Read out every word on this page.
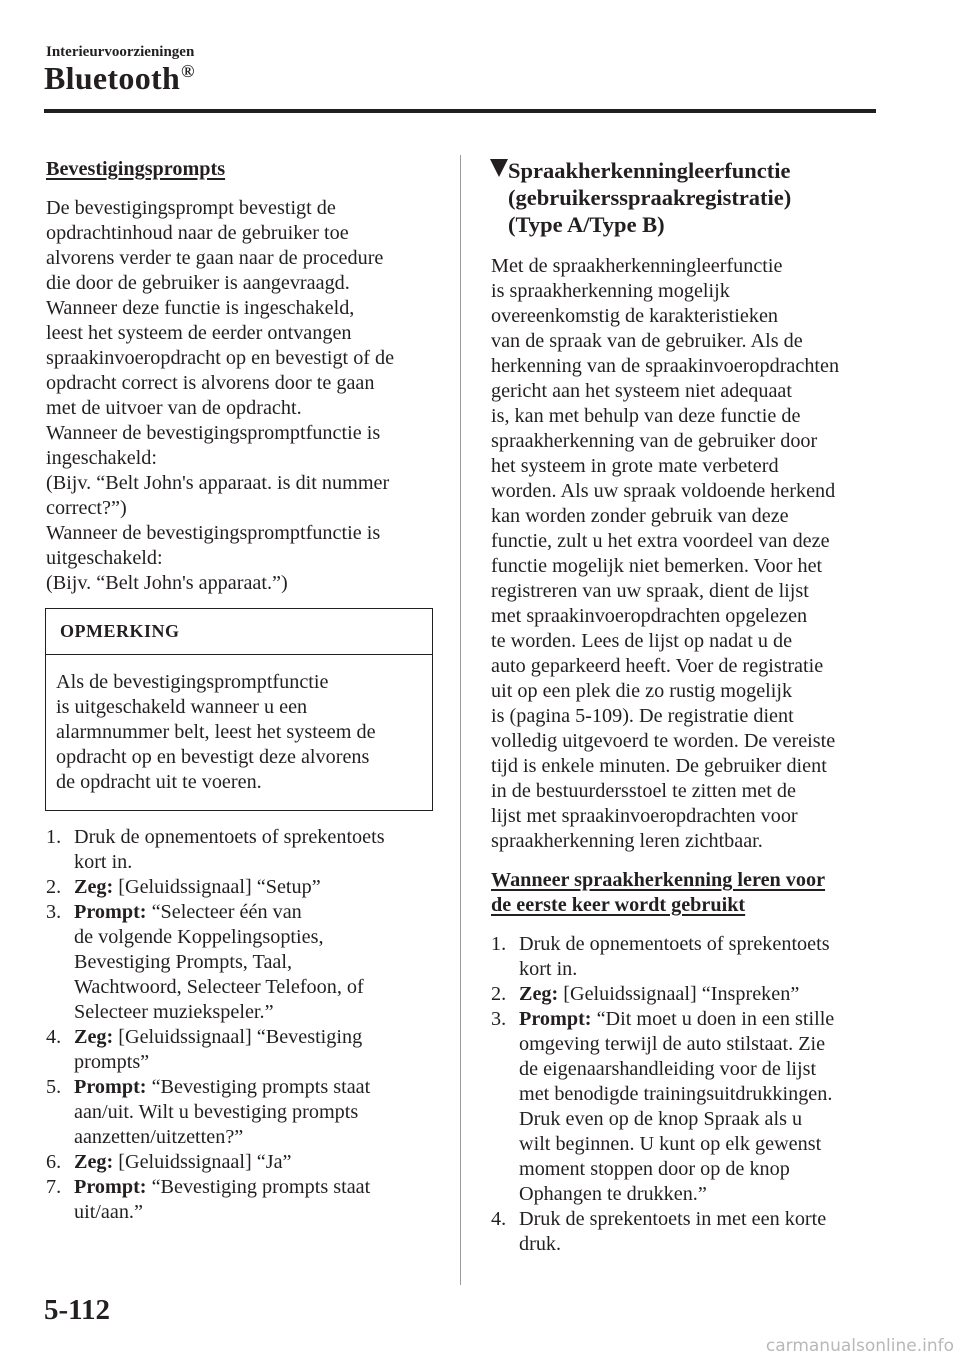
Interieurvoorzieningen
Bluetooth®

Bevestigingsprompts

De bevestigingsprompt bevestigt de
opdrachtinhoud naar de gebruiker toe
alvorens verder te gaan naar de procedure
die door de gebruiker is aangevraagd.
Wanneer deze functie is ingeschakeld,
leest het systeem de eerder ontvangen
spraakinvoeropdracht op en bevestigt of de
opdracht correct is alvorens door te gaan
met de uitvoer van de opdracht.
Wanneer de bevestigingspromptfunctie is
ingeschakeld:
(Bijv. “Belt John's apparaat. is dit nummer
correct?”)
Wanneer de bevestigingspromptfunctie is
uitgeschakeld:
(Bijv. “Belt John's apparaat.”)
OPMERKING
Als de bevestigingspromptfunctie
is uitgeschakeld wanneer u een
alarmnummer belt, leest het systeem de
opdracht op en bevestigt deze alvorens
de opdracht uit te voeren.
1. Druk de opnementoets of sprekentoets
kort in.
2. Zeg: [Geluidssignaal] “Setup”
3. Prompt: “Selecteer één van
de volgende Koppelingsopties,
Bevestiging Prompts, Taal,
Wachtwoord, Selecteer Telefoon, of
Selecteer muziekspeler.”
4. Zeg: [Geluidssignaal] “Bevestiging
prompts”
5. Prompt: “Bevestiging prompts staat
aan/uit. Wilt u bevestiging prompts
aanzetten/uitzetten?”
6. Zeg: [Geluidssignaal] “Ja”
7. Prompt: “Bevestiging prompts staat
uit/aan.”

Spraakherkenningleerfunctie
(gebruikersspraakregistratie)
(Type A/Type B)

Met de spraakherkenningleerfunctie
is spraakherkenning mogelijk
overeenkomstig de karakteristieken
van de spraak van de gebruiker. Als de
herkenning van de spraakinvoeropdrachten
gericht aan het systeem niet adequaat
is, kan met behulp van deze functie de
spraakherkenning van de gebruiker door
het systeem in grote mate verbeterd
worden. Als uw spraak voldoende herkend
kan worden zonder gebruik van deze
functie, zult u het extra voordeel van deze
functie mogelijk niet bemerken. Voor het
registreren van uw spraak, dient de lijst
met spraakinvoeropdrachten opgelezen
te worden. Lees de lijst op nadat u de
auto geparkeerd heeft. Voer de registratie
uit op een plek die zo rustig mogelijk
is (pagina 5-109). De registratie dient
volledig uitgevoerd te worden. De vereiste
tijd is enkele minuten. De gebruiker dient
in de bestuurdersstoel te zitten met de
lijst met spraakinvoeropdrachten voor
spraakherkenning leren zichtbaar.

Wanneer spraakherkenning leren voor
de eerste keer wordt gebruikt

1. Druk de opnementoets of sprekentoets
kort in.
2. Zeg: [Geluidssignaal] “Inspreken”
3. Prompt: “Dit moet u doen in een stille
omgeving terwijl de auto stilstaat. Zie
de eigenaarshandleiding voor de lijst
met benodigde trainingsuitdrukkingen.
Druk even op de knop Spraak als u
wilt beginnen. U kunt op elk gewenst
moment stoppen door op de knop
Ophangen te drukken.”
4. Druk de sprekentoets in met een korte
druk.
5-112
carmanualsonline.info
